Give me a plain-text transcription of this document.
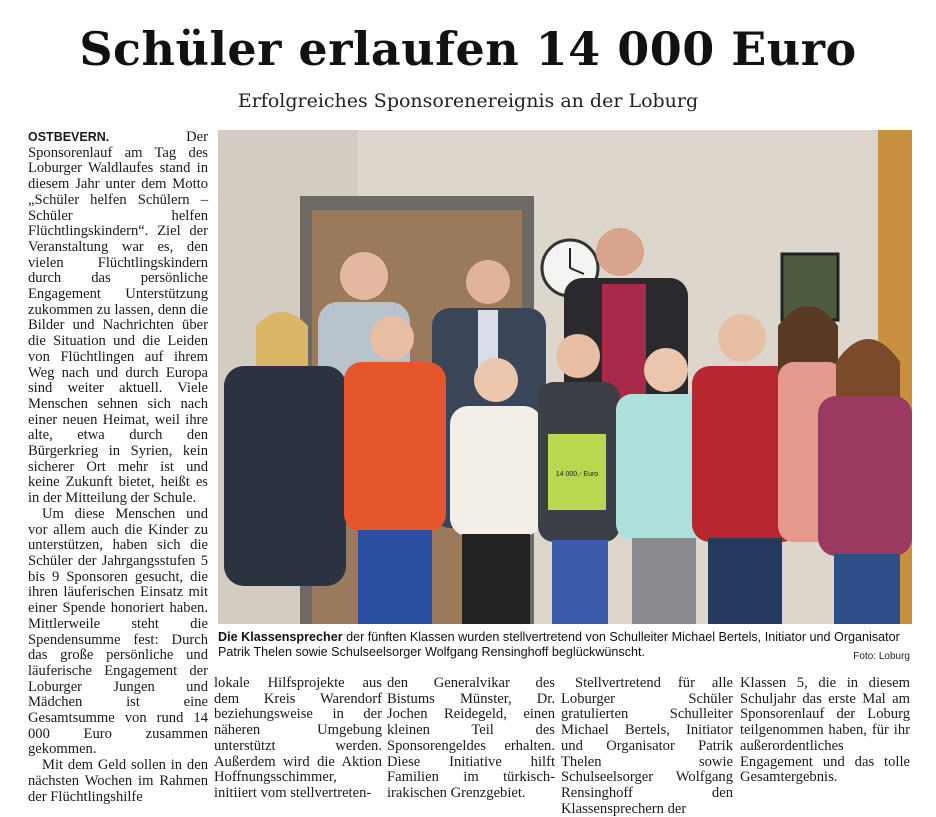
Schüler erlaufen 14 000 Euro
Erfolgreiches Sponsorenereignis an der Loburg

OSTBEVERN.	Der Sponsorenlauf am Tag des Loburger Waldlaufes stand in diesem Jahr unter dem Motto „Schüler helfen Schülern – Schüler helfen Flüchtlingskindern“. Ziel der Veranstaltung war es, den vielen Flüchtlingskindern durch das persönliche Engagement Unterstützung zukommen zu lassen, denn die Bilder und Nachrichten über die Situation und die Leiden von Flüchtlingen auf ihrem Weg nach und durch Europa sind weiter aktuell. Viele Menschen sehnen sich nach einer neuen Heimat, weil ihre alte, etwa durch den Bürgerkrieg in Syrien, kein sicherer Ort mehr ist und keine Zukunft bietet, heißt es in der Mitteilung der Schule.

Um diese Menschen und vor allem auch die Kinder zu unterstützen, haben sich die Schüler der Jahrgangsstufen 5 bis 9 Sponsoren gesucht, die ihren läuferischen Einsatz mit einer Spende honoriert haben. Mittlerweile steht die Spendensumme fest: Durch das große persönliche und läuferische Engagement der Loburger Jungen und Mädchen ist eine Gesamtsumme von rund 14 000 Euro zusammen gekommen.

Mit dem Geld sollen in den nächsten Wochen im Rahmen der Flüchtlingshilfe

14 000,- Euro
Die Klassensprecher der fünften Klassen wurden stellvertretend von Schulleiter Michael Bertels, Initiator und Organisator Patrik Thelen sowie Schulseelsorger Wolfgang Rensinghoff beglückwünscht.	Foto: Loburg

lokale Hilfsprojekte aus dem Kreis Warendorf beziehungsweise in der näheren Umgebung unterstützt werden. Außerdem wird die Aktion Hoffnungsschimmer, initiiert vom stellvertreten-

den Generalvikar des Bistums Münster, Dr. Jochen Reidegeld, einen kleinen Teil des Sponsorengeldes erhalten. Diese Initiative hilft Familien im türkisch-irakischen Grenzgebiet.

Stellvertretend für alle Loburger Schüler gratulierten Schulleiter Michael Bertels, Initiator und Organisator Patrik Thelen sowie Schulseelsorger Wolfgang Rensinghoff den Klassensprechern der

Klassen 5, die in diesem Schuljahr das erste Mal am Sponsorenlauf der Loburg teilgenommen haben, für ihr außerordentliches Engagement und das tolle Gesamtergebnis.
